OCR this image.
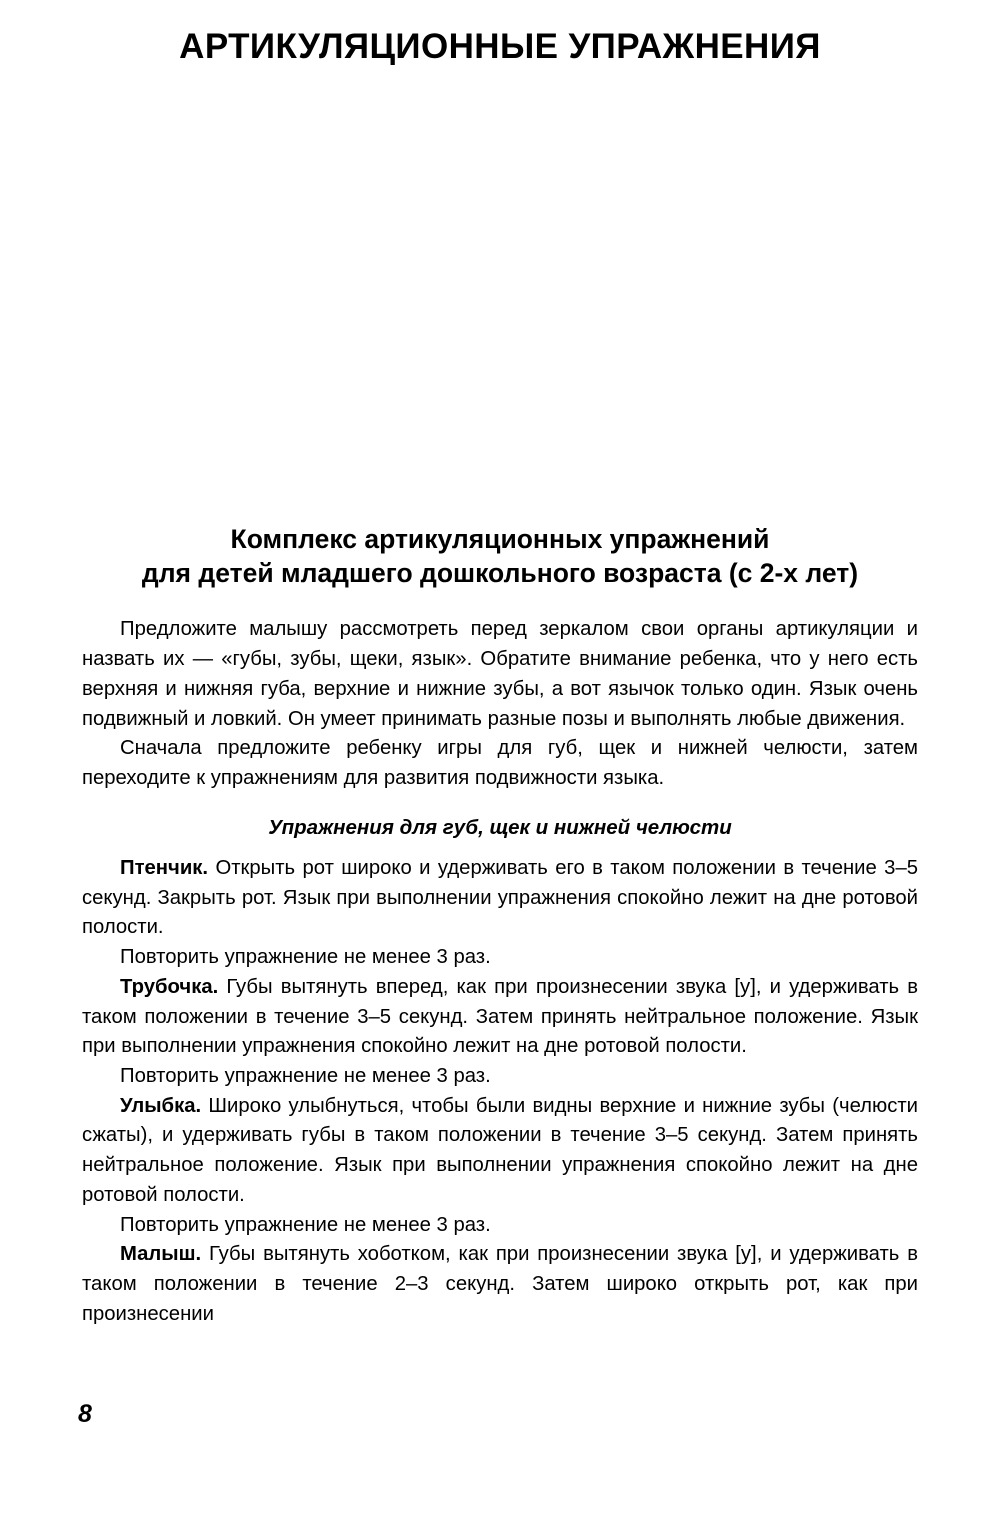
АРТИКУЛЯЦИОННЫЕ УПРАЖНЕНИЯ
Комплекс артикуляционных упражнений
для детей младшего дошкольного возраста (с 2-х лет)

Предложите малышу рассмотреть перед зеркалом свои органы артикуляции и назвать их — «губы, зубы, щеки, язык». Обратите внимание ребенка, что у него есть верхняя и нижняя губа, верхние и нижние зубы, а вот язычок только один. Язык очень подвижный и ловкий. Он умеет принимать разные позы и выполнять любые движения.

Сначала предложите ребенку игры для губ, щек и нижней челюсти, затем переходите к упражнениям для развития подвижности языка.

Упражнения для губ, щек и нижней челюсти

Птенчик. Открыть рот широко и удерживать его в таком положении в течение 3–5 секунд. Закрыть рот. Язык при выполнении упражнения спокойно лежит на дне ротовой полости.

Повторить упражнение не менее 3 раз.

Трубочка. Губы вытянуть вперед, как при произнесении звука [у], и удерживать в таком положении в течение 3–5 секунд. Затем принять нейтральное положение. Язык при выполнении упражнения спокойно лежит на дне ротовой полости.

Повторить упражнение не менее 3 раз.

Улыбка. Широко улыбнуться, чтобы были видны верхние и нижние зубы (челюсти сжаты), и удерживать губы в таком положении в течение 3–5 секунд. Затем принять нейтральное положение. Язык при выполнении упражнения спокойно лежит на дне ротовой полости.

Повторить упражнение не менее 3 раз.

Малыш. Губы вытянуть хоботком, как при произнесении звука [у], и удерживать в таком положении в течение 2–3 секунд. Затем широко открыть рот, как при произнесении

8
